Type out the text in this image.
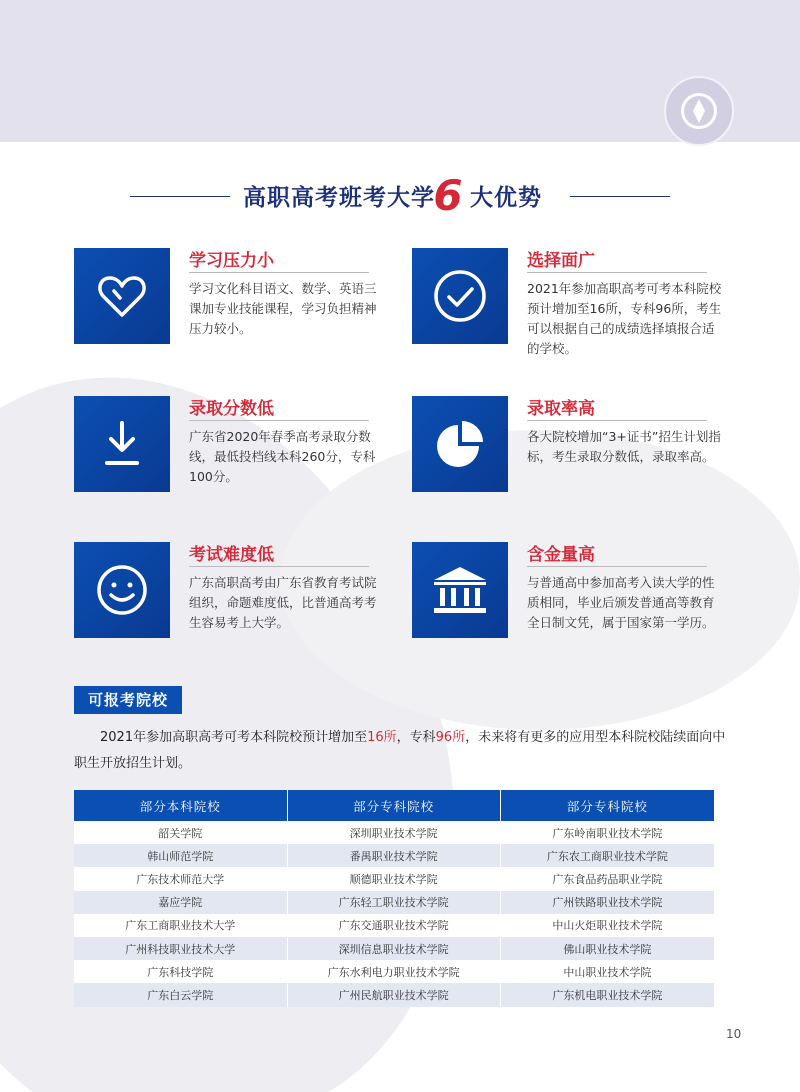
高职高考班考大学
6 大优势
学习压力小
学习文化科目语文、数学、英语三课加专业技能课程，学习负担精神压力较小。
选择面广
2021年参加高职高考可考本科院校预计增加至16所，专科96所，考生可以根据自己的成绩选择填报合适的学校。
录取分数低
广东省2020年春季高考录取分数线，最低投档线本科260分，专科100分。
录取率高
各大院校增加“3+证书”招生计划指标，考生录取分数低，录取率高。
考试难度低
广东高职高考由广东省教育考试院组织，命题难度低，比普通高考考生容易考上大学。
含金量高
与普通高中参加高考入读大学的性质相同，毕业后颁发普通高等教育全日制文凭，属于国家第一学历。
可报考院校
2021年参加高职高考可考本科院校预计增加至16所，专科96所，未来将有更多的应用型本科院校陆续面向中职生开放招生计划。
部分本科院校	部分专科院校	部分专科院校
韶关学院	深圳职业技术学院	广东岭南职业技术学院
韩山师范学院	番禺职业技术学院	广东农工商职业技术学院
广东技术师范大学	顺德职业技术学院	广东食品药品职业学院
嘉应学院	广东轻工职业技术学院	广州铁路职业技术学院
广东工商职业技术大学	广东交通职业技术学院	中山火炬职业技术学院
广州科技职业技术大学	深圳信息职业技术学院	佛山职业技术学院
广东科技学院	广东水利电力职业技术学院	中山职业技术学院
广东白云学院	广州民航职业技术学院	广东机电职业技术学院
10
